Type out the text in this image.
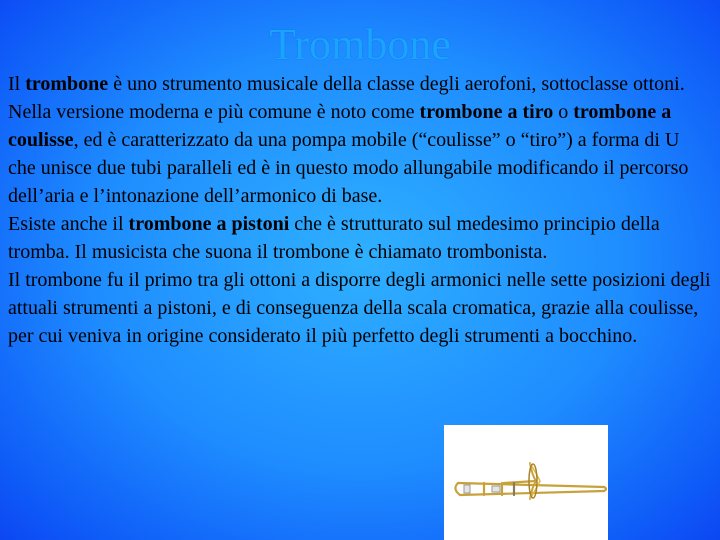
Trombone

Il trombone è uno strumento musicale della classe degli aerofoni, sottoclasse ottoni. Nella versione moderna e più comune è noto come trombone a tiro o trombone a coulisse, ed è caratterizzato da una pompa mobile (“coulisse” o “tiro”) a forma di U che unisce due tubi paralleli ed è in questo modo allungabile modificando il percorso dell’aria e l’intonazione dell’armonico di base.

Esiste anche il trombone a pistoni che è strutturato sul medesimo principio della tromba. Il musicista che suona il trombone è chiamato trombonista.

Il trombone fu il primo tra gli ottoni a disporre degli armonici nelle sette posizioni degli attuali strumenti a pistoni, e di conseguenza della scala cromatica, grazie alla coulisse, per cui veniva in origine considerato il più perfetto degli strumenti a bocchino.
